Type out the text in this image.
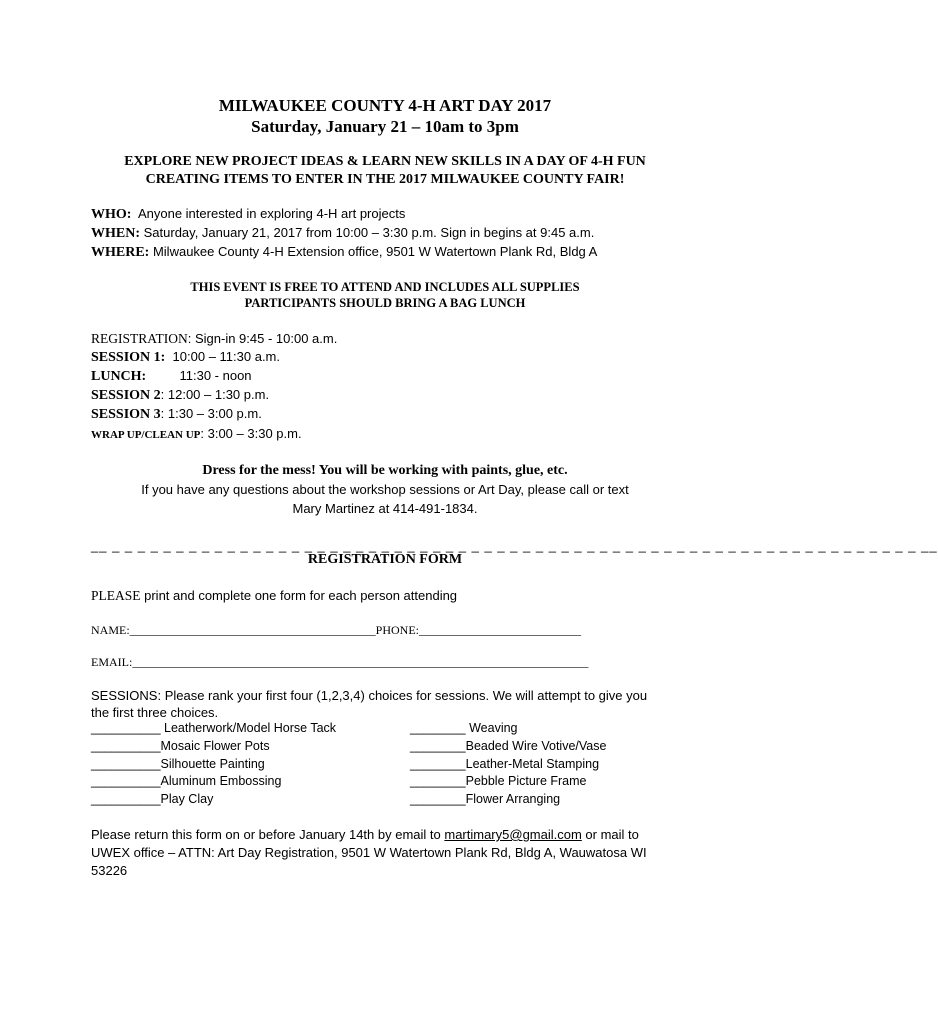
MILWAUKEE COUNTY 4-H ART DAY 2017
Saturday, January 21 – 10am to 3pm
EXPLORE NEW PROJECT IDEAS & LEARN NEW SKILLS IN A DAY OF 4-H FUN
CREATING ITEMS TO ENTER IN THE 2017 MILWAUKEE COUNTY FAIR!
WHO: Anyone interested in exploring 4-H art projects
WHEN: Saturday, January 21, 2017 from 10:00 – 3:30 p.m. Sign in begins at 9:45 a.m.
WHERE: Milwaukee County 4-H Extension office, 9501 W Watertown Plank Rd, Bldg A
THIS EVENT IS FREE TO ATTEND AND INCLUDES ALL SUPPLIES
PARTICIPANTS SHOULD BRING A BAG LUNCH
REGISTRATION: Sign-in 9:45 - 10:00 a.m.
SESSION 1: 10:00 – 11:30 a.m.
LUNCH:	11:30 - noon
SESSION 2: 12:00 – 1:30 p.m.
SESSION 3: 1:30 – 3:00 p.m.
WRAP UP/CLEAN UP: 3:00 – 3:30 p.m.
Dress for the mess! You will be working with paints, glue, etc.
If you have any questions about the workshop sessions or Art Day, please call or text
Mary Martinez at 414-491-1834.
__ _ _ _ _ _ _ _ _ _ _ _ _ _ _ _ _ _ _ _ _ _ _ _ _ _ _ _ _ _ _ _ _ _ _ _ _ _ _ _ _ _ _ _ _ _ _ _ _ _ _ _ _ _ _ _ _ _ _ _ _ _ _ _ __
REGISTRATION FORM
PLEASE print and complete one form for each person attending
NAME:_________________________________________PHONE:___________________________
EMAIL:____________________________________________________________________________
SESSIONS: Please rank your first four (1,2,3,4) choices for sessions. We will attempt to give you the first three choices.
__________ Leatherwork/Model Horse Tack
__________Mosaic Flower Pots
__________Silhouette Painting
__________Aluminum Embossing
__________Play Clay
________ Weaving
________Beaded Wire Votive/Vase
________Leather-Metal Stamping
________Pebble Picture Frame
________Flower Arranging
Please return this form on or before January 14th by email to martimary5@gmail.com or mail to UWEX office – ATTN: Art Day Registration, 9501 W Watertown Plank Rd, Bldg A, Wauwatosa WI 53226
